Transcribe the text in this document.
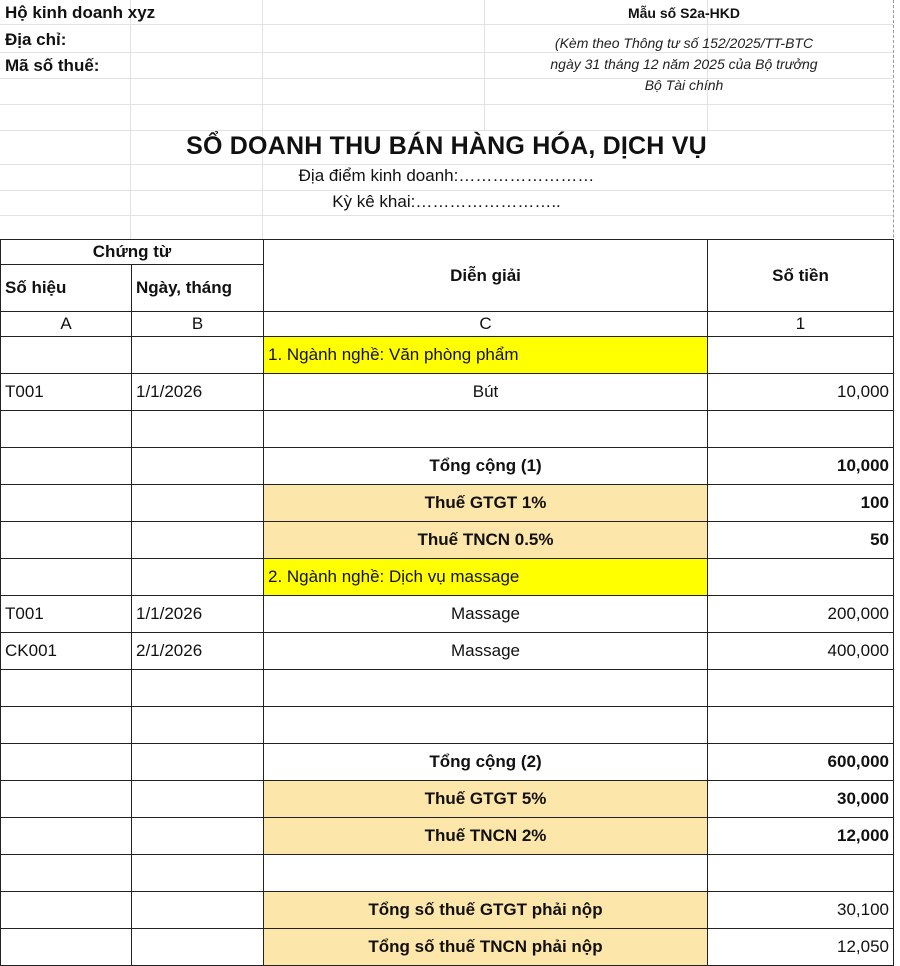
Hộ kinh doanh xyz
Địa chỉ:
Mã số thuế:
Mẫu số S2a-HKD
(Kèm theo Thông tư số 152/2025/TT-BTC
ngày 31 tháng 12 năm 2025 của Bộ trưởng
Bộ Tài chính
SỔ DOANH THU BÁN HÀNG HÓA, DỊCH VỤ
Địa điểm kinh doanh:……………………
Kỳ kê khai:……………………..
Chứng từ		Diễn giải	Số tiền
Số hiệu	Ngày, tháng		
A	B	C	1
		1. Ngành nghề: Văn phòng phẩm	
T001	1/1/2026	Bút	10,000

		Tổng cộng (1)	10,000
		Thuế GTGT 1%	100
		Thuế TNCN 0.5%	50
		2. Ngành nghề: Dịch vụ massage	
T001	1/1/2026	Massage	200,000
CK001	2/1/2026	Massage	400,000

		Tổng cộng (2)	600,000
		Thuế GTGT 5%	30,000
		Thuế TNCN 2%	12,000

		Tổng số thuế GTGT phải nộp	30,100
		Tổng số thuế TNCN phải nộp	12,050
